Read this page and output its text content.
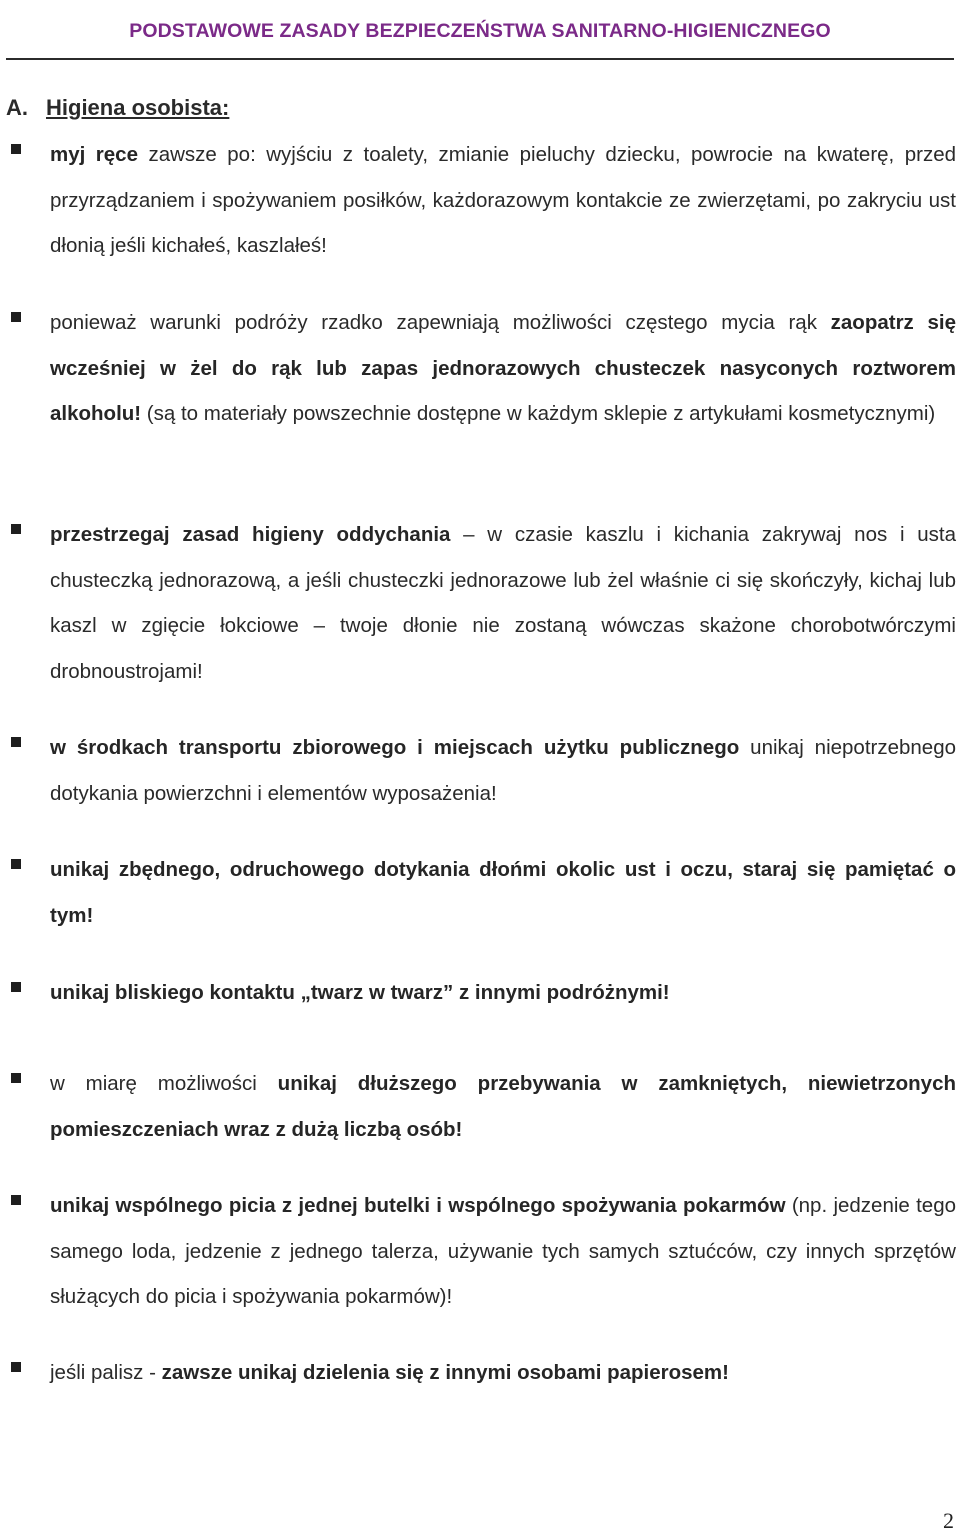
PODSTAWOWE ZASADY BEZPIECZEŃSTWA SANITARNO-HIGIENICZNEGO
A. Higiena osobista:
myj ręce zawsze po: wyjściu z toalety, zmianie pieluchy dziecku, powrocie na kwaterę, przed przyrządzaniem i spożywaniem posiłków, każdorazowym kontakcie ze zwierzętami, po zakryciu ust dłonią jeśli kichałeś, kaszlałeś!
ponieważ warunki podróży rzadko zapewniają możliwości częstego mycia rąk zaopatrz się wcześniej w żel do rąk lub zapas jednorazowych chusteczek nasyconych roztworem alkoholu! (są to materiały powszechnie dostępne w każdym sklepie z artykułami kosmetycznymi)
przestrzegaj zasad higieny oddychania – w czasie kaszlu i kichania zakrywaj nos i usta chusteczką jednorazową, a jeśli chusteczki jednorazowe lub żel właśnie ci się skończyły, kichaj lub kaszl w zgięcie łokciowe – twoje dłonie nie zostaną wówczas skażone chorobotwórczymi drobnoustrojami!
w środkach transportu zbiorowego i miejscach użytku publicznego unikaj niepotrzebnego dotykania powierzchni i elementów wyposażenia!
unikaj zbędnego, odruchowego dotykania dłońmi okolic ust i oczu, staraj się pamiętać o tym!
unikaj bliskiego kontaktu „twarz w twarz” z innymi podróżnymi!
w miarę możliwości unikaj dłuższego przebywania w zamkniętych, niewietrzonych pomieszczeniach wraz z dużą liczbą osób!
unikaj wspólnego picia z jednej butelki i wspólnego spożywania pokarmów (np. jedzenie tego samego loda, jedzenie z jednego talerza, używanie tych samych sztućców, czy innych sprzętów służących do picia i spożywania pokarmów)!
jeśli palisz - zawsze unikaj dzielenia się z innymi osobami papierosem!
2
